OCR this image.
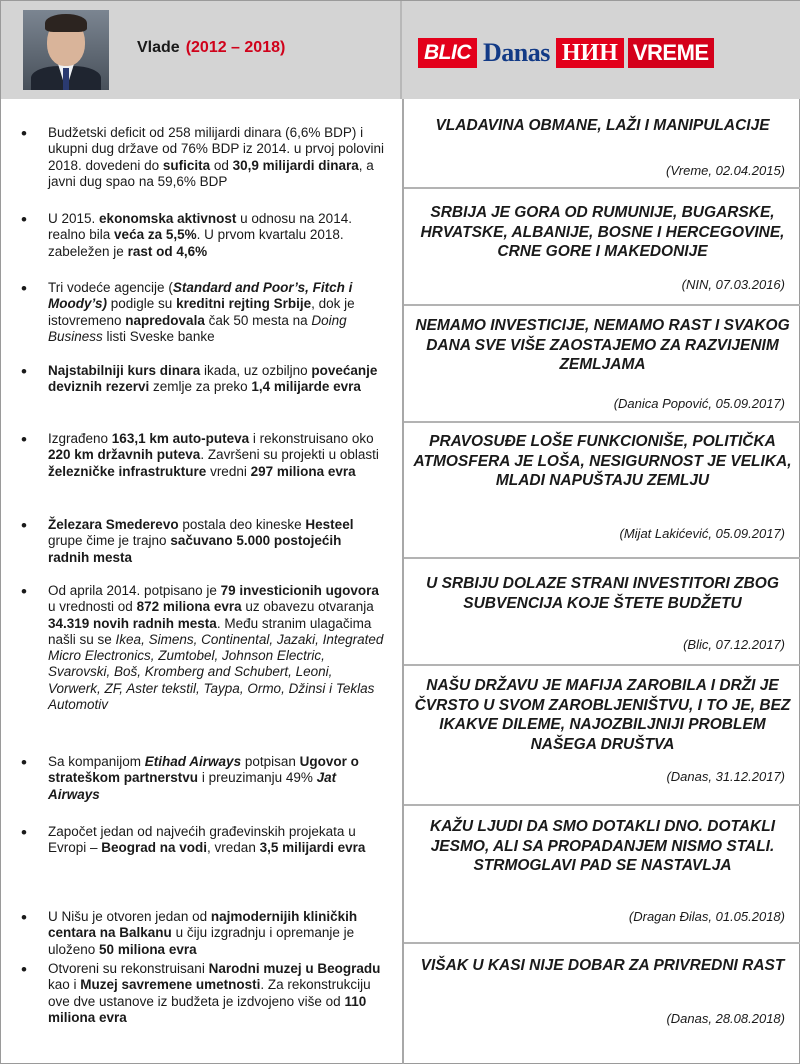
Vlade (2012 – 2018)	BLIC Danas НИН VREME
• Budžetski deficit od 258 milijardi dinara (6,6% BDP) i ukupni dug države od 76% BDP iz 2014. u prvoj polovini 2018. dovedeni do suficita od 30,9 milijardi dinara, a javni dug spao na 59,6% BDP
• U 2015. ekonomska aktivnost u odnosu na 2014. realno bila veća za 5,5%. U prvom kvartalu 2018. zabeležen je rast od 4,6%
• Tri vodeće agencije (Standard and Poor’s, Fitch i Moody’s) podigle su kreditni rejting Srbije, dok je istovremeno napredovala čak 50 mesta na Doing Business listi Sveske banke
• Najstabilniji kurs dinara ikada, uz ozbiljno povećanje deviznih rezervi zemlje za preko 1,4 milijarde evra
• Izgrađeno 163,1 km auto-puteva i rekonstruisano oko 220 km državnih puteva. Završeni su projekti u oblasti železničke infrastrukture vredni 297 miliona evra
• Železara Smederevo postala deo kineske Hesteel grupe čime je trajno sačuvano 5.000 postojećih radnih mesta
• Od aprila 2014. potpisano je 79 investicionih ugovora u vrednosti od 872 miliona evra uz obavezu otvaranja 34.319 novih radnih mesta. Među stranim ulagačima našli su se Ikea, Simens, Continental, Jazaki, Integrated Micro Electronics, Zumtobel, Johnson Electric, Svarovski, Boš, Kromberg and Schubert, Leoni, Vorwerk, ZF, Aster tekstil, Taypa, Ormo, Džinsi i Teklas Automotiv
• Sa kompanijom Etihad Airways potpisan Ugovor o strateškom partnerstvu i preuzimanju 49% Jat Airways
• Započet jedan od najvećih građevinskih projekata u Evropi – Beograd na vodi, vredan 3,5 milijardi evra
• U Nišu je otvoren jedan od najmodernijih kliničkih centara na Balkanu u čiju izgradnju i opremanje je uloženo 50 miliona evra
• Otvoreni su rekonstruisani Narodni muzej u Beogradu kao i Muzej savremene umetnosti. Za rekonstrukciju ove dve ustanove iz budžeta je izdvojeno više od 110 miliona evra
VLADAVINA OBMANE, LAŽI I MANIPULACIJE
(Vreme, 02.04.2015)
SRBIJA JE GORA OD RUMUNIJE, BUGARSKE, HRVATSKE, ALBANIJE, BOSNE I HERCEGOVINE, CRNE GORE I MAKEDONIJE
(NIN, 07.03.2016)
NEMAMO INVESTICIJE, NEMAMO RAST I SVAKOG DANA SVE VIŠE ZAOSTAJEMO ZA RAZVIJENIM ZEMLJAMA
(Danica Popović, 05.09.2017)
PRAVOSUĐE LOŠE FUNKCIONIŠE, POLITIČKA ATMOSFERA JE LOŠA, NESIGURNOST JE VELIKA, MLADI NAPUŠTAJU ZEMLJU
(Mijat Lakićević, 05.09.2017)
U SRBIJU DOLAZE STRANI INVESTITORI ZBOG SUBVENCIJA KOJE ŠTETE BUDŽETU
(Blic, 07.12.2017)
NAŠU DRŽAVU JE MAFIJA ZAROBILA I DRŽI JE ČVRSTO U SVOM ZAROBLJENIŠTVU, I TO JE, BEZ IKAKVE DILEME, NAJOZBILJNIJI PROBLEM NAŠEGA DRUŠTVA
(Danas, 31.12.2017)
KAŽU LJUDI DA SMO DOTAKLI DNO. DOTAKLI JESMO, ALI SA PROPADANJEM NISMO STALI. STRMOGLAVI PAD SE NASTAVLJA
(Dragan Đilas, 01.05.2018)
VIŠAK U KASI NIJE DOBAR ZA PRIVREDNI RAST
(Danas, 28.08.2018)
